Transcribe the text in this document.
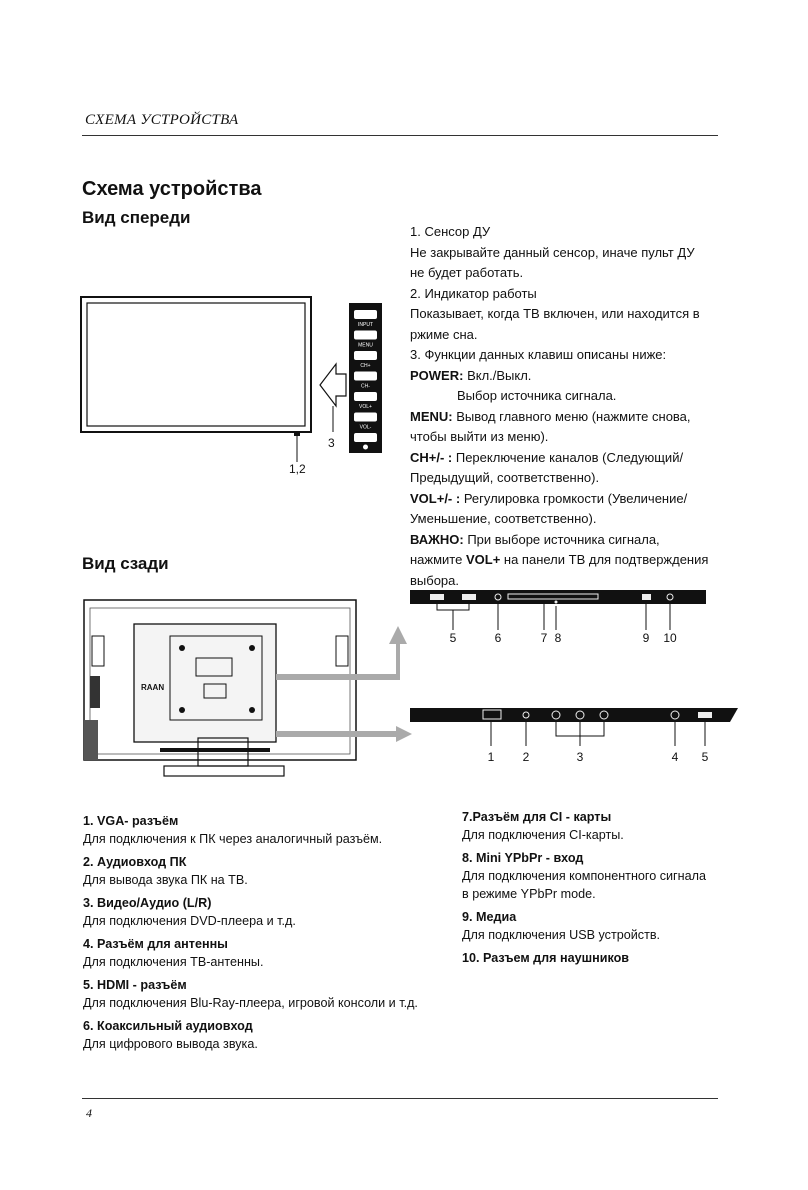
СХЕМА УСТРОЙСТВА
Схема устройства
Вид спереди
INPUT
MENU
CH+
CH-
VOL+
VOL-
1,2
3

1. Сенсор ДУ

Не закрывайте данный сенсор, иначе пульт ДУ

не будет работать.

2. Индикатор работы

Показывает, когда ТВ включен, или находится в

ржиме сна.

3. Функции данных клавиш описаны ниже:

POWER: Вкл./Выкл.

Выбор источника сигнала.

MENU: Вывод главного меню (нажмите снова,

чтобы выйти из меню).

CH+/- : Переключение каналов (Следующий/

Предыдущий, соответственно).

VOL+/- : Регулировка громкости (Увеличение/

Уменьшение, соответственно).

ВАЖНО: При выборе источника сигнала,

нажмите VOL+ на панели ТВ для подтверждения

выбора.

Вид сзади
RAAN
5	6	7 8	9 10
1 2	3	4 5
1. VGA- разъём
Для подключения к ПК через аналогичный разъём.
2. Аудиовход ПК
Для вывода звука ПК на ТВ.
3. Видео/Аудио (L/R)
Для подключения DVD-плеера и т.д.
4. Разъём для антенны
Для подключения ТВ-антенны.
5. HDMI - разъём
Для подключения Blu-Ray-плеера, игровой консоли и т.д.
6. Коаксильный аудиовход
Для цифрового вывода звука.
7.Разъём для CI - карты
Для подключения CI-карты.
8. Mini YPbPr - вход
Для подключения компонентного сигнала
в режиме YPbPr mode.
9. Медиа
Для подключения USB устройств.
10. Разъем для наушников
4
